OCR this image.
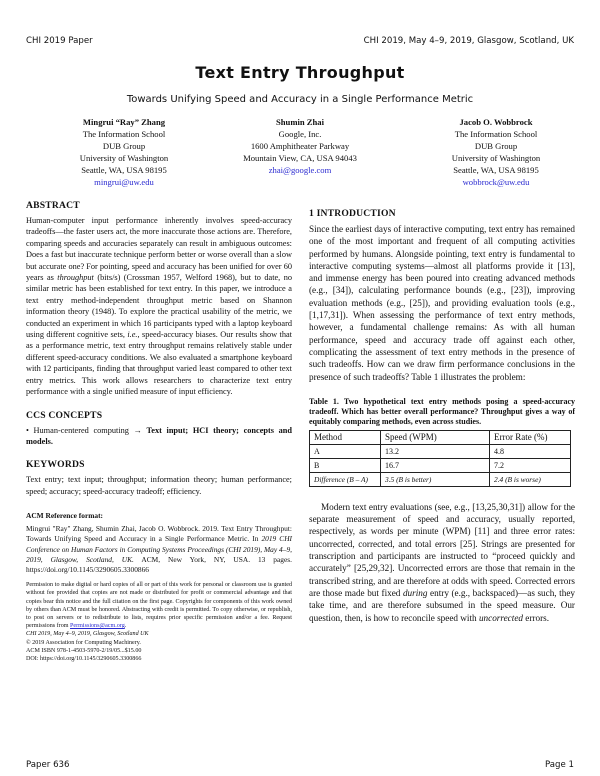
CHI 2019 Paper	CHI 2019, May 4–9, 2019, Glasgow, Scotland, UK
Text Entry Throughput
Towards Unifying Speed and Accuracy in a Single Performance Metric
Mingrui “Ray” Zhang
The Information School
DUB Group
University of Washington
Seattle, WA, USA 98195
mingrui@uw.edu
Shumin Zhai
Google, Inc.
1600 Amphitheater Parkway
Mountain View, CA, USA 94043
zhai@google.com
Jacob O. Wobbrock
The Information School
DUB Group
University of Washington
Seattle, WA, USA 98195
wobbrock@uw.edu
ABSTRACT
Human-computer input performance inherently involves speed-accuracy tradeoffs—the faster users act, the more inaccurate those actions are. Therefore, comparing speeds and accuracies separately can result in ambiguous outcomes: Does a fast but inaccurate technique perform better or worse overall than a slow but accurate one? For pointing, speed and accuracy has been unified for over 60 years as throughput (bits/s) (Crossman 1957, Welford 1968), but to date, no similar metric has been established for text entry. In this paper, we introduce a text entry method-independent throughput metric based on Shannon information theory (1948). To explore the practical usability of the metric, we conducted an experiment in which 16 participants typed with a laptop keyboard using different cognitive sets, i.e., speed-accuracy biases. Our results show that as a performance metric, text entry throughput remains relatively stable under different speed-accuracy conditions. We also evaluated a smartphone keyboard with 12 participants, finding that throughput varied least compared to other text entry metrics. This work allows researchers to characterize text entry performance with a single unified measure of input efficiency.
CCS CONCEPTS
• Human-centered computing → Text input; HCI theory; concepts and models.
KEYWORDS
Text entry; text input; throughput; information theory; human performance; speed; accuracy; speed-accuracy tradeoff; efficiency.
ACM Reference format:
Mingrui "Ray" Zhang, Shumin Zhai, Jacob O. Wobbrock. 2019. Text Entry Throughput: Towards Unifying Speed and Accuracy in a Single Performance Metric. In 2019 CHI Conference on Human Factors in Computing Systems Proceedings (CHI 2019), May 4–9, 2019, Glasgow, Scotland, UK. ACM, New York, NY, USA. 13 pages. https://doi.org/10.1145/3290605.3300866
Permission to make digital or hard copies of all or part of this work for personal or classroom use is granted without fee provided that copies are not made or distributed for profit or commercial advantage and that copies bear this notice and the full citation on the first page. Copyrights for components of this work owned by others than ACM must be honored. Abstracting with credit is permitted. To copy otherwise, or republish, to post on servers or to redistribute to lists, requires prior specific permission and/or a fee. Request permissions from Permissions@acm.org.
CHI 2019, May 4–9, 2019, Glasgow, Scotland UK
© 2019 Association for Computing Machinery.
ACM ISBN 978-1-4503-5970-2/19/05...$15.00
DOI: https://doi.org/10.1145/3290605.3300866
1 INTRODUCTION
Since the earliest days of interactive computing, text entry has remained one of the most important and frequent of all computing activities performed by humans. Alongside pointing, text entry is fundamental to interactive computing systems—almost all platforms provide it [13], and immense energy has been poured into creating advanced methods (e.g., [34]), calculating performance bounds (e.g., [23]), improving evaluation methods (e.g., [25]), and providing evaluation tools (e.g., [1,17,31]). When assessing the performance of text entry methods, however, a fundamental challenge remains: As with all human performance, speed and accuracy trade off against each other, complicating the assessment of text entry methods in the presence of such tradeoffs. How can we draw firm performance conclusions in the presence of such tradeoffs? Table 1 illustrates the problem:
Table 1. Two hypothetical text entry methods posing a speed-accuracy tradeoff. Which has better overall performance? Throughput gives a way of equitably comparing methods, even across studies.
Method	Speed (WPM)	Error Rate (%)
A	13.2	4.8
B	16.7	7.2
Difference (B – A)	3.5 (B is better)	2.4 (B is worse)
Modern text entry evaluations (see, e.g., [13,25,30,31]) allow for the separate measurement of speed and accuracy, usually reported, respectively, as words per minute (WPM) [11] and three error rates: uncorrected, corrected, and total errors [25]. Strings are presented for transcription and participants are instructed to “proceed quickly and accurately” [25,29,32]. Uncorrected errors are those that remain in the transcribed string, and are therefore at odds with speed. Corrected errors are those made but fixed during entry (e.g., backspaced)—as such, they take time, and are therefore subsumed in the speed measure. Our question, then, is how to reconcile speed with uncorrected errors.
Paper 636	Page 1
